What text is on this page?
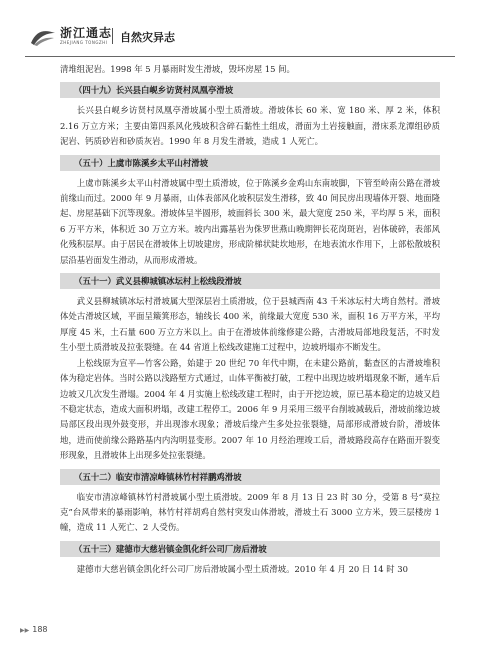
浙江通志
ZHEJIANG TONGZHI 自然灾异志

清堆组泥岩。1998 年 5 月暴雨时发生滑坡，毁坏房屋 15 间。

（四十九）长兴县白岘乡访贤村凤凰亭滑坡

长兴县白岘乡访贤村凤凰亭滑坡属小型土质滑坡。滑坡体长 60 米、宽 180 米、厚 2 米，体积 2.16 万立方米；主要由第四系风化残坡积含碎石黏性土组成，滑面为土岩接触面，滑床系龙潭组砂质泥岩、钙质砂岩和砂质灰岩。1990 年 8 月发生滑坡，造成 1 人死亡。

（五十）上虞市陈溪乡太平山村滑坡

上虞市陈溪乡太平山村滑坡属中型土质滑坡，位于陈溪乡金鸡山东南坡脚，下管至岭南公路在滑坡前缘山而过。2000 年 9 月暴雨，山体表部风化坡积层发生滑移，致 40 间民房出现墙体开裂、地面隆起、房屋基础下沉等现象。滑坡体呈半圆形，坡面斜长 300 米，最大宽度 250 米，平均厚 5 米，面积 6 万平方米，体积近 30 万立方米。坡内出露基岩为侏罗世燕山晚期钾长花岗斑岩，岩体破碎，表部风化残积层厚。由于居民在滑坡体上切坡建房，形成阶梯状陡坎地形，在地表流水作用下，上部松散坡积层沿基岩面发生滑动，从而形成滑坡。

（五十一）武义县柳城镇冰坛村上松线段滑坡

武义县柳城镇冰坛村滑坡属大型深层岩土质滑坡，位于县城西南 43 千米冰坛村大塆自然村。滑坡体处古滑坡区域，平面呈簸箕形态，轴线长 400 米，前缘最大宽度 530 米，面积 16 万平方米，平均厚度 45 米，土石量 600 万立方米以上。由于在滑坡体前缘修建公路，古滑坡局部地段复活，不时发生小型土质滑坡及拉张裂缝。在 44 省道上松线改建施工过程中，边坡坍塌亦不断发生。

上松线原为宣平—竹客公路，始建于 20 世纪 70 年代中期，在未建公路前，黏查区的古滑坡堆积体为稳定岩体。当时公路以浅路堑方式通过，山体平衡被打破，工程中出现边坡坍塌现象不断，通车后边坡又几次发生滑塌。2004 年 4 月实施上松线改建工程时，由于开挖边坡，原已基本稳定的边坡又趋不稳定状态，造成大面积坍塌，改建工程停工。2006 年 9 月采用三级平台削坡减载后，滑坡前缘边坡局部区段出现外鼓变形，并出现渗水现象；滑坡后缘产生多处拉张裂缝，局部形成滑坡台阶，滑坡体地，进而使前缘公路路基内内沟明显变形。2007 年 10 月经治理竣工后，滑坡路段高存在路面开裂变形现象，且滑坡体上出现多处拉张裂缝。

（五十二）临安市清凉峰镇林竹村祥鹏鸡滑坡

临安市清凉峰镇林竹村滑坡属小型土质滑坡。2009 年 8 月 13 日 23 时 30 分，受第 8 号“莫拉克”台风带来的暴雨影响，林竹村祥胡鸡自然村突发山体滑坡，滑坡土石 3000 立方米，毁三层楼房 1 幢，造成 11 人死亡、2 人受伤。

（五十三）建德市大慈岩镇金凯化纤公司厂房后滑坡

建德市大慈岩镇金凯化纤公司厂房后滑坡属小型土质滑坡。2010 年 4 月 20 日 14 时 30

▶▶ 188
